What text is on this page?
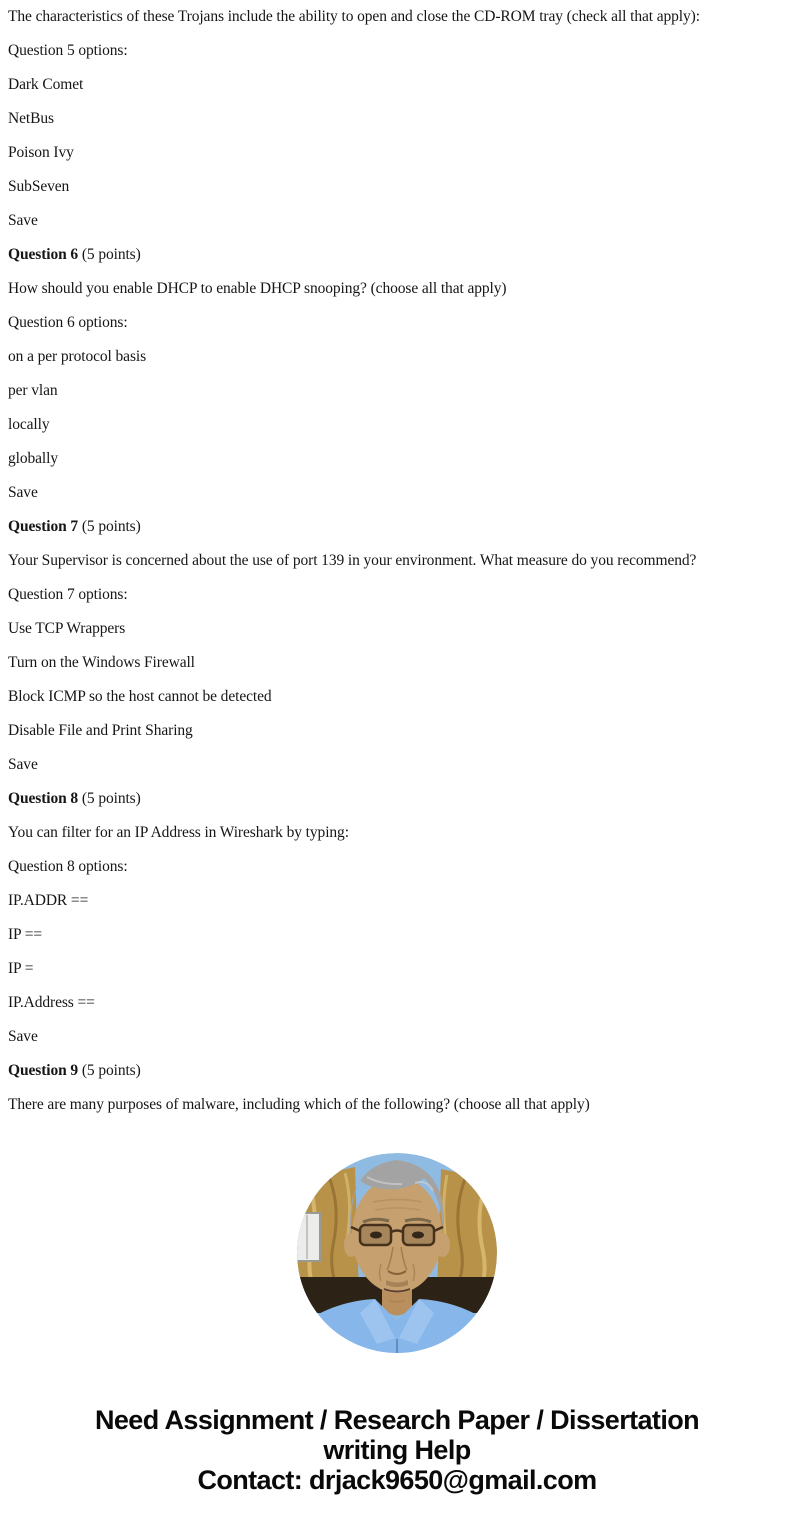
The characteristics of these Trojans include the ability to open and close the CD-ROM tray (check all that apply):

Question 5 options:

Dark Comet

NetBus

Poison Ivy

SubSeven

Save

Question 6 (5 points)

How should you enable DHCP to enable DHCP snooping? (choose all that apply)

Question 6 options:

on a per protocol basis

per vlan

locally

globally

Save

Question 7 (5 points)

Your Supervisor is concerned about the use of port 139 in your environment. What measure do you recommend?

Question 7 options:

Use TCP Wrappers

Turn on the Windows Firewall

Block ICMP so the host cannot be detected

Disable File and Print Sharing

Save

Question 8 (5 points)

You can filter for an IP Address in Wireshark by typing:

Question 8 options:

IP.ADDR ==

IP ==

IP =

IP.Address ==

Save

Question 9 (5 points)

There are many purposes of malware, including which of the following? (choose all that apply)

Need Assignment / Research Paper / Dissertation

writing Help

Contact: drjack9650@gmail.com
